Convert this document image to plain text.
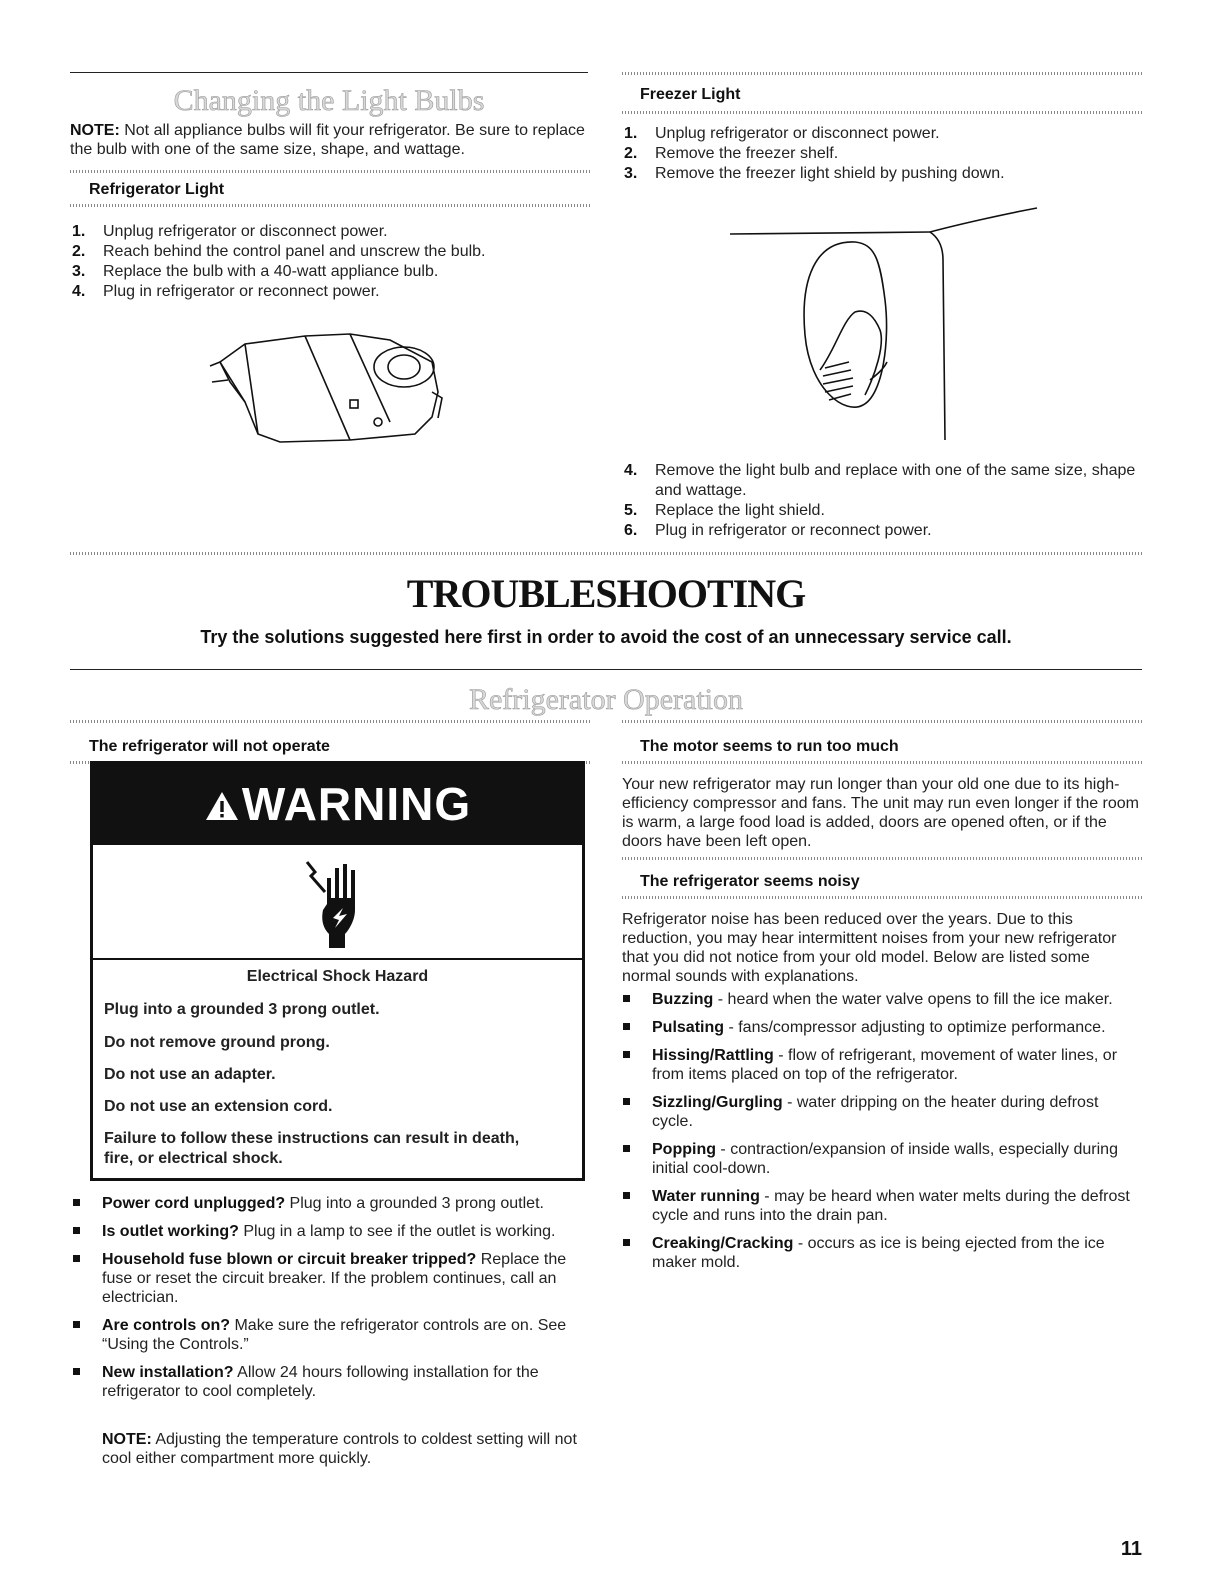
Changing the Light Bulbs
NOTE: Not all appliance bulbs will fit your refrigerator. Be sure to replace the bulb with one of the same size, shape, and wattage.
Refrigerator Light
1. Unplug refrigerator or disconnect power.
2. Reach behind the control panel and unscrew the bulb.
3. Replace the bulb with a 40-watt appliance bulb.
4. Plug in refrigerator or reconnect power.
Freezer Light
1. Unplug refrigerator or disconnect power.
2. Remove the freezer shelf.
3. Remove the freezer light shield by pushing down.
4. Remove the light bulb and replace with one of the same size, shape and wattage.
5. Replace the light shield.
6. Plug in refrigerator or reconnect power.
TROUBLESHOOTING
Try the solutions suggested here first in order to avoid the cost of an unnecessary service call.
Refrigerator Operation
The refrigerator will not operate
WARNING
Electrical Shock Hazard
Plug into a grounded 3 prong outlet.
Do not remove ground prong.
Do not use an adapter.
Do not use an extension cord.
Failure to follow these instructions can result in death,
fire, or electrical shock.
Power cord unplugged? Plug into a grounded 3 prong outlet.
Is outlet working? Plug in a lamp to see if the outlet is working.
Household fuse blown or circuit breaker tripped? Replace the fuse or reset the circuit breaker. If the problem continues, call an electrician.
Are controls on? Make sure the refrigerator controls are on. See “Using the Controls.”
New installation? Allow 24 hours following installation for the refrigerator to cool completely.
NOTE: Adjusting the temperature controls to coldest setting will not cool either compartment more quickly.
The motor seems to run too much
Your new refrigerator may run longer than your old one due to its high-efficiency compressor and fans. The unit may run even longer if the room is warm, a large food load is added, doors are opened often, or if the doors have been left open.
The refrigerator seems noisy
Refrigerator noise has been reduced over the years. Due to this reduction, you may hear intermittent noises from your new refrigerator that you did not notice from your old model. Below are listed some normal sounds with explanations.
Buzzing - heard when the water valve opens to fill the ice maker.
Pulsating - fans/compressor adjusting to optimize performance.
Hissing/Rattling - flow of refrigerant, movement of water lines, or from items placed on top of the refrigerator.
Sizzling/Gurgling - water dripping on the heater during defrost cycle.
Popping - contraction/expansion of inside walls, especially during initial cool-down.
Water running - may be heard when water melts during the defrost cycle and runs into the drain pan.
Creaking/Cracking - occurs as ice is being ejected from the ice maker mold.
11
